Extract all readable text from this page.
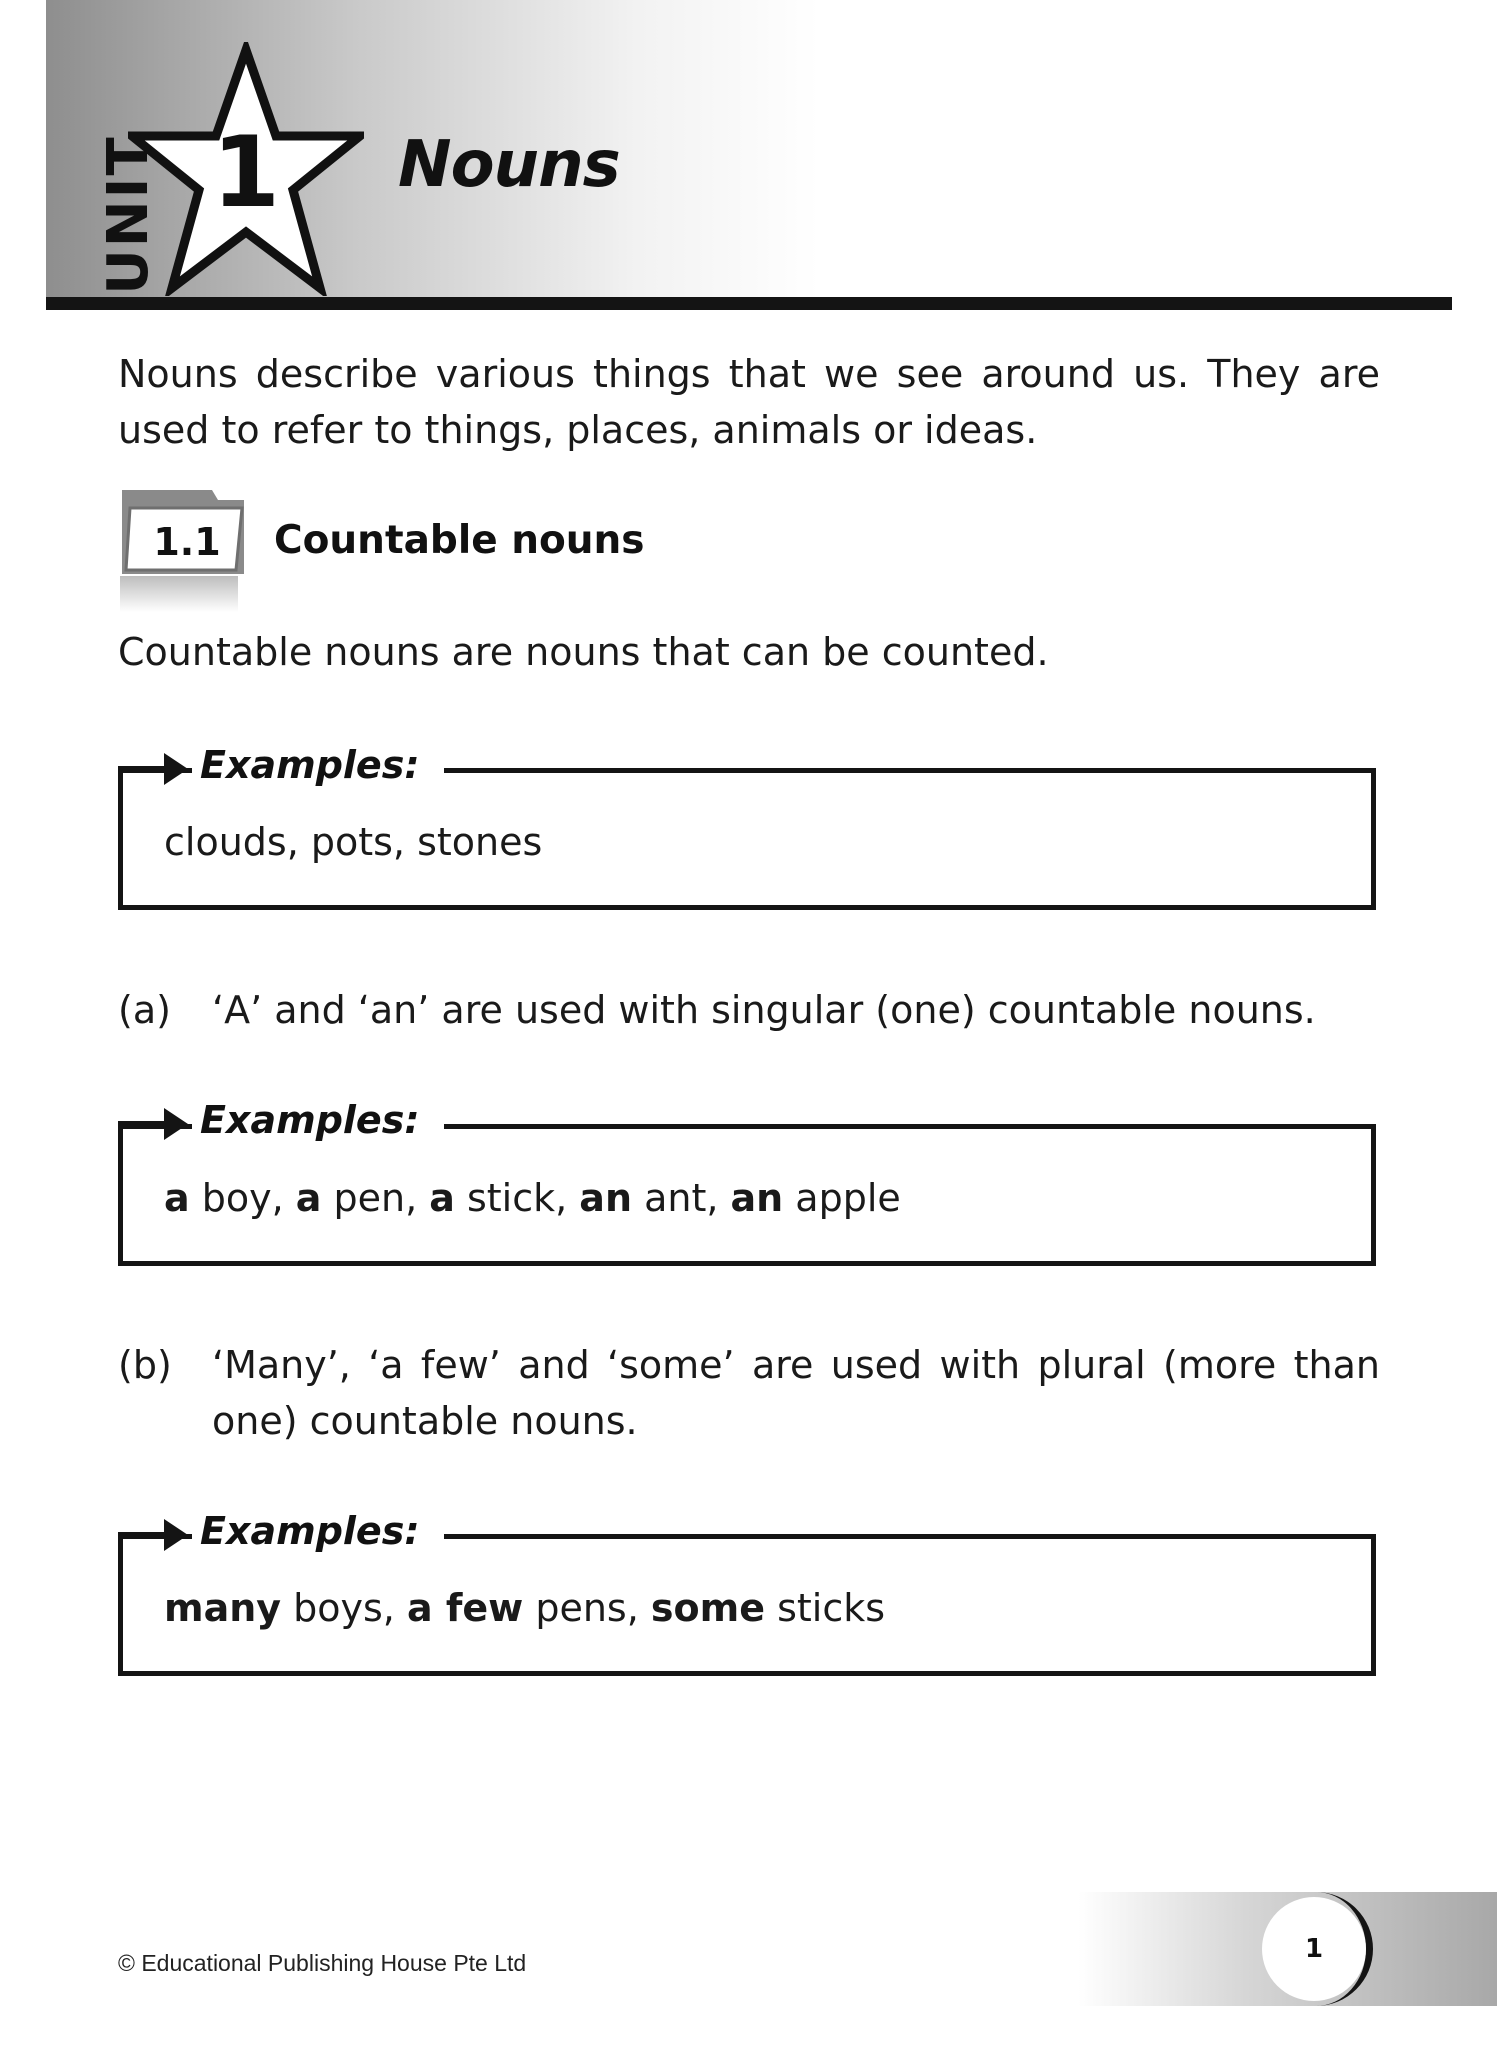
UNIT 1	Nouns
Nouns describe various things that we see around us. They are used to refer to things, places, animals or ideas.
1.1 Countable nouns
Countable nouns are nouns that can be counted.
Examples:
clouds, pots, stones
(a) ‘A’ and ‘an’ are used with singular (one) countable nouns.
Examples:
a boy, a pen, a stick, an ant, an apple
(b) ‘Many’, ‘a few’ and ‘some’ are used with plural (more than one) countable nouns.
Examples:
many boys, a few pens, some sticks
1
© Educational Publishing House Pte Ltd
